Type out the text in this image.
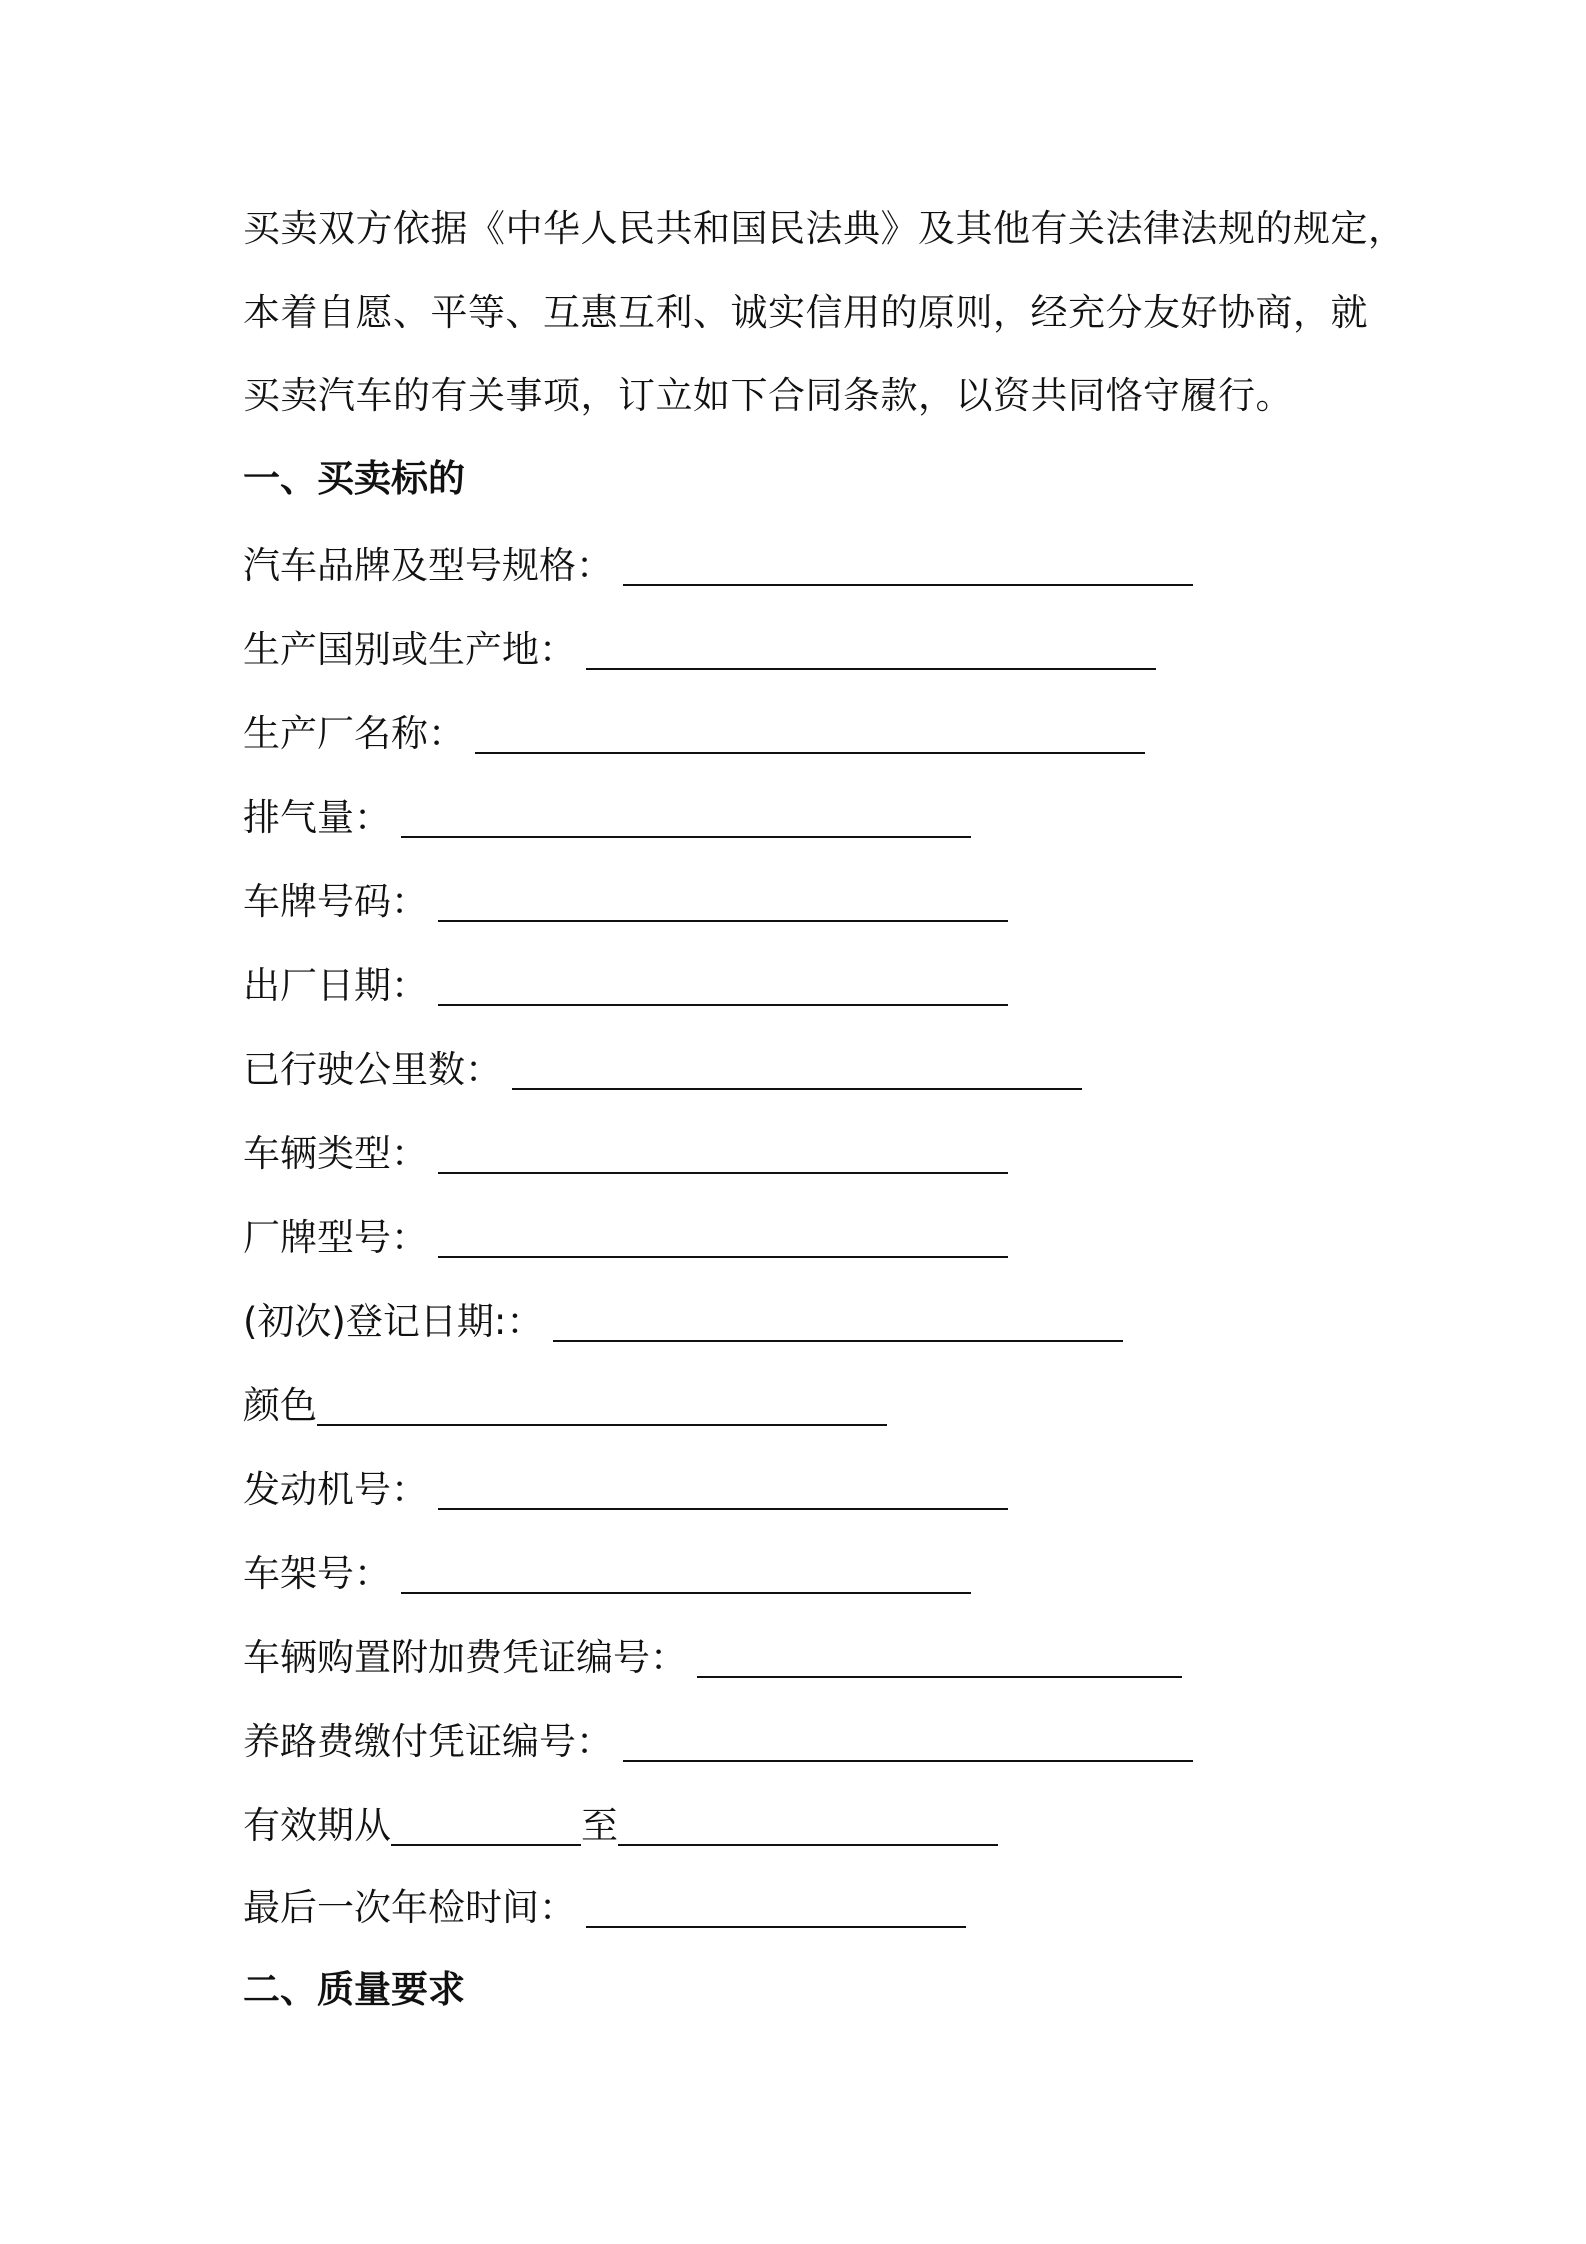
买卖双方依据《中华人民共和国民法典》及其他有关法律法规的规定，
本着自愿、平等、互惠互利、诚实信用的原则，经充分友好协商，就
买卖汽车的有关事项，订立如下合同条款，以资共同恪守履行。
一、买卖标的
汽车品牌及型号规格：
生产国别或生产地：
生产厂名称：
排气量：
车牌号码：
出厂日期：
已行驶公里数：
车辆类型：
厂牌型号：
(初次)登记日期:：
颜色
发动机号：
车架号：
车辆购置附加费凭证编号：
养路费缴付凭证编号：
有效期从	至
最后一次年检时间：
二、质量要求
